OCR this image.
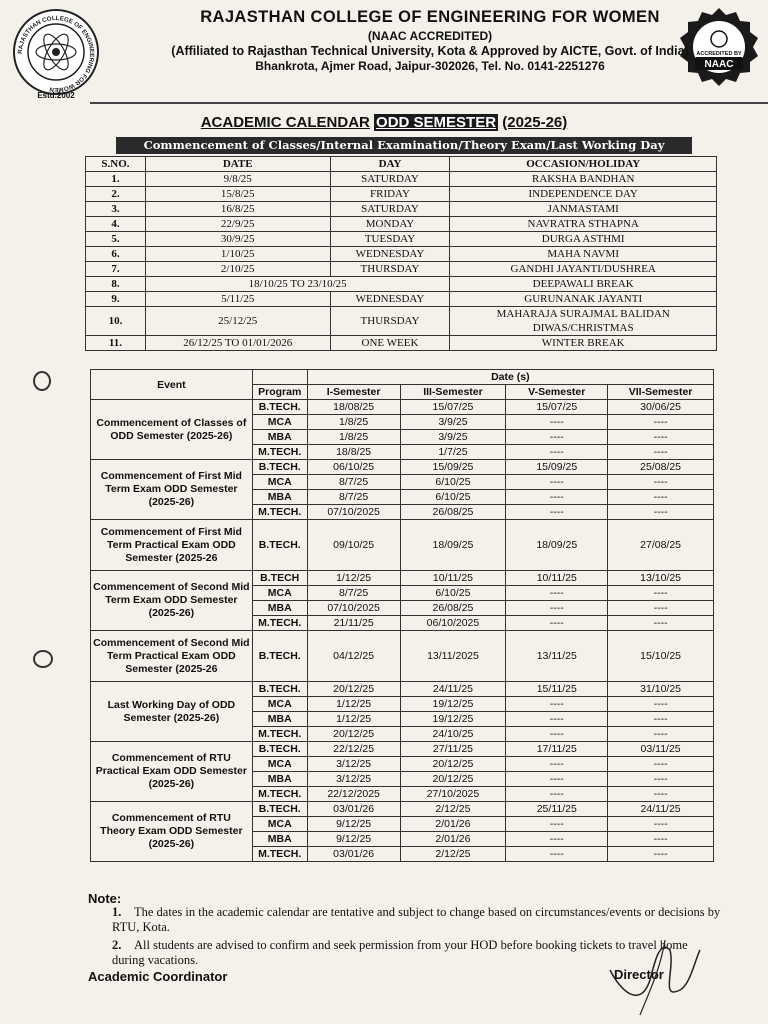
RAJASTHAN COLLEGE OF ENGINEERING FOR WOMEN
Estd.2002
ACCREDITED BY
NAAC
RAJASTHAN COLLEGE OF ENGINEERING FOR WOMEN
(NAAC ACCREDITED)
(Affiliated to Rajasthan Technical University, Kota & Approved by AICTE, Govt. of India)
Bhankrota, Ajmer Road, Jaipur-302026, Tel. No. 0141-2251276
ACADEMIC CALENDAR ODD SEMESTER (2025-26)
Commencement of Classes/Internal Examination/Theory Exam/Last Working Day
S.NO.	DATE	DAY	OCCASION/HOLIDAY
1.	9/8/25	SATURDAY	RAKSHA BANDHAN
2.	15/8/25	FRIDAY	INDEPENDENCE DAY
3.	16/8/25	SATURDAY	JANMASTAMI
4.	22/9/25	MONDAY	NAVRATRA STHAPNA
5.	30/9/25	TUESDAY	DURGA ASTHMI
6.	1/10/25	WEDNESDAY	MAHA NAVMI
7.	2/10/25	THURSDAY	GANDHI JAYANTI/DUSHREA
8.	18/10/25 TO 23/10/25		DEEPAWALI BREAK
9.	5/11/25	WEDNESDAY	GURUNANAK JAYANTI
10.	25/12/25	THURSDAY	MAHARAJA SURAJMAL BALIDAN DIWAS/CHRISTMAS
11.	26/12/25 TO 01/01/2026	ONE WEEK	WINTER BREAK
Event		Date (s)			
	Program	I-Semester	III-Semester	V-Semester	VII-Semester
Commencement of Classes of ODD Semester (2025-26)	B.TECH.	18/08/25	15/07/25	15/07/25	30/06/25
	MCA	1/8/25	3/9/25	----	----
	MBA	1/8/25	3/9/25	----	----
	M.TECH.	18/8/25	1/7/25	----	----
Commencement of First Mid Term Exam ODD Semester (2025-26)	B.TECH.	06/10/25	15/09/25	15/09/25	25/08/25
	MCA	8/7/25	6/10/25	----	----
	MBA	8/7/25	6/10/25	----	----
	M.TECH.	07/10/2025	26/08/25	----	----
Commencement of First Mid Term Practical Exam ODD Semester (2025-26	B.TECH.	09/10/25	18/09/25	18/09/25	27/08/25
Commencement of Second Mid Term Exam ODD Semester (2025-26)	B.TECH	1/12/25	10/11/25	10/11/25	13/10/25
	MCA	8/7/25	6/10/25	----	----
	MBA	07/10/2025	26/08/25	----	----
	M.TECH.	21/11/25	06/10/2025	----	----
Commencement of Second Mid Term Practical Exam ODD Semester (2025-26	B.TECH.	04/12/25	13/11/2025	13/11/25	15/10/25
Last Working Day of ODD Semester (2025-26)	B.TECH.	20/12/25	24/11/25	15/11/25	31/10/25
	MCA	1/12/25	19/12/25	----	----
	MBA	1/12/25	19/12/25	----	----
	M.TECH.	20/12/25	24/10/25	----	----
Commencement of RTU Practical Exam ODD Semester (2025-26)	B.TECH.	22/12/25	27/11/25	17/11/25	03/11/25
	MCA	3/12/25	20/12/25	----	----
	MBA	3/12/25	20/12/25	----	----
	M.TECH.	22/12/2025	27/10/2025	----	----
Commencement of RTU Theory Exam ODD Semester (2025-26)	B.TECH.	03/01/26	2/12/25	25/11/25	24/11/25
	MCA	9/12/25	2/01/26	----	----
	MBA	9/12/25	2/01/26	----	----
	M.TECH.	03/01/26	2/12/25	----	----
Note:
1. The dates in the academic calendar are tentative and subject to change based on circumstances/events or decisions by RTU, Kota.
2. All students are advised to confirm and seek permission from your HOD before booking tickets to travel home during vacations.
Academic Coordinator	Director
